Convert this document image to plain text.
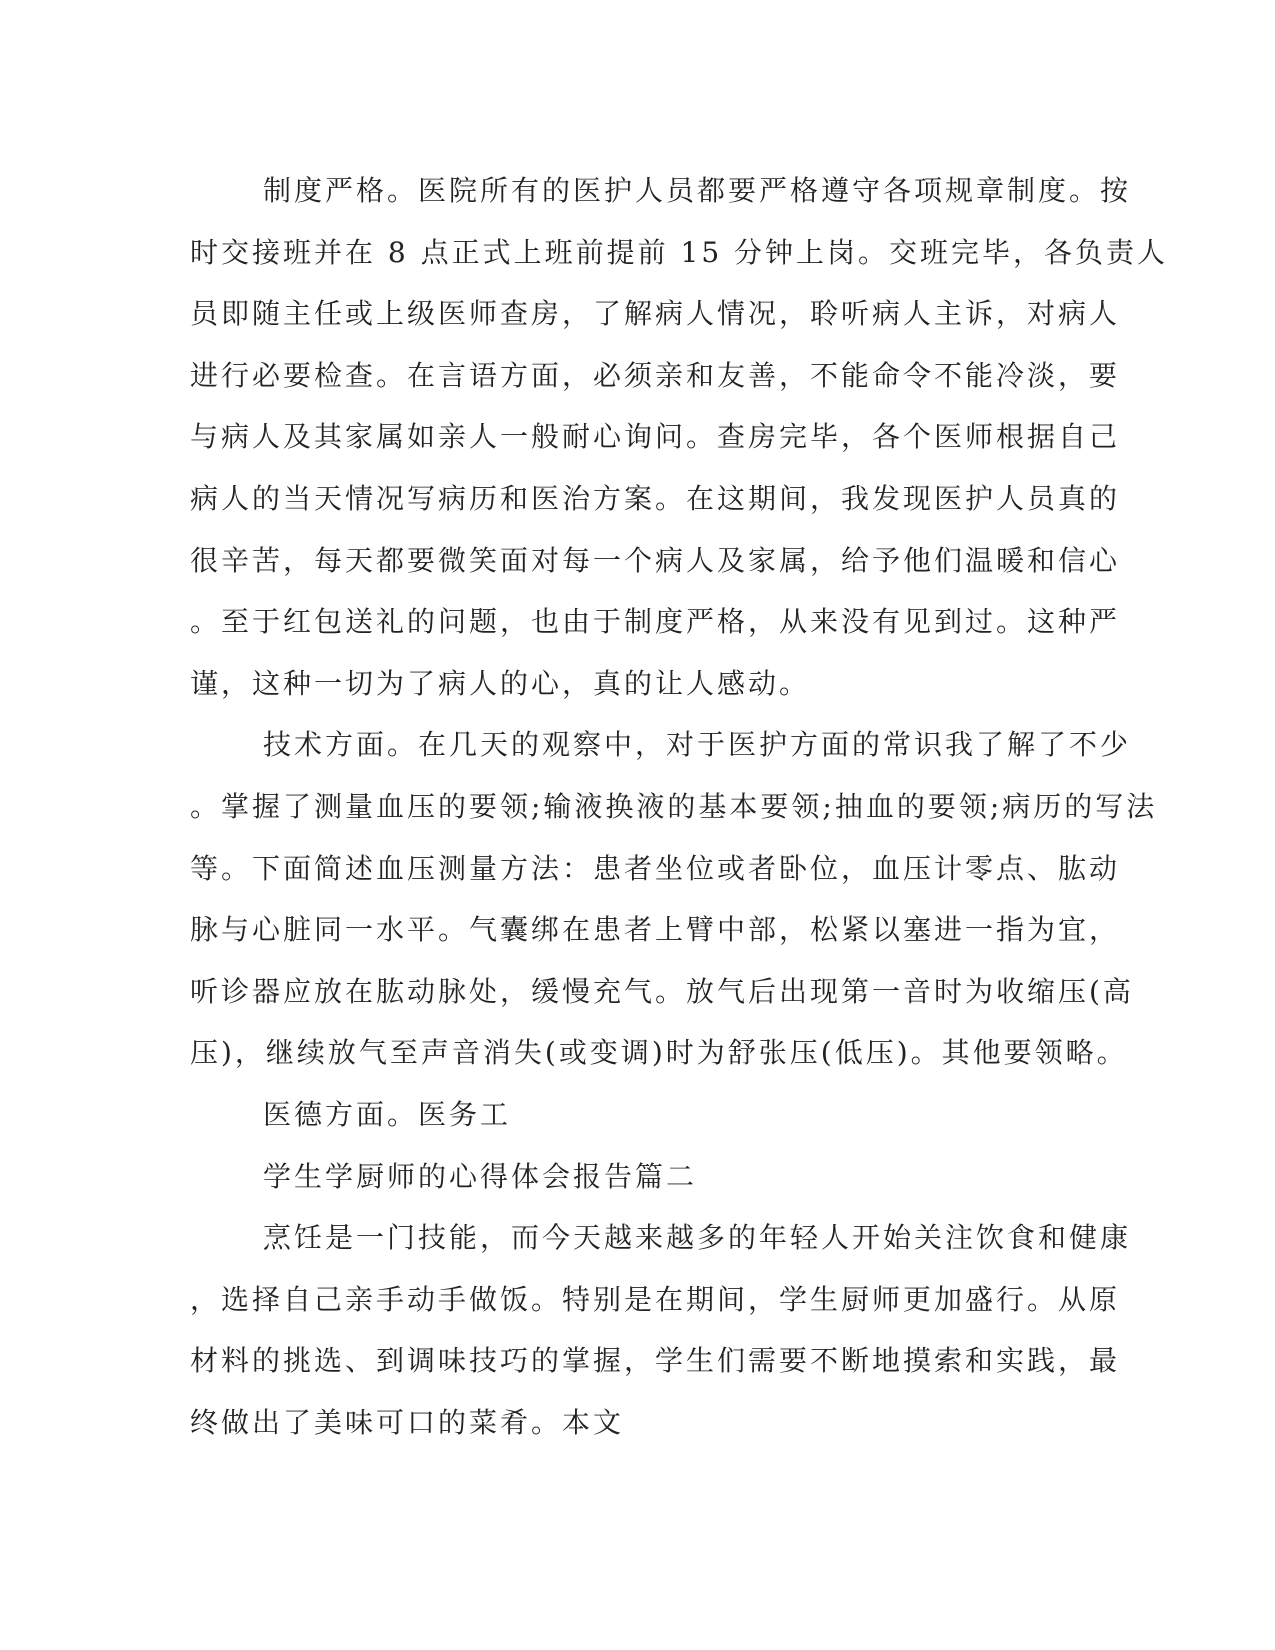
制度严格。医院所有的医护人员都要严格遵守各项规章制度。按
时交接班并在 8 点正式上班前提前 15 分钟上岗。交班完毕，各负责人
员即随主任或上级医师查房，了解病人情况，聆听病人主诉，对病人
进行必要检查。在言语方面，必须亲和友善，不能命令不能冷淡，要
与病人及其家属如亲人一般耐心询问。查房完毕，各个医师根据自己
病人的当天情况写病历和医治方案。在这期间，我发现医护人员真的
很辛苦，每天都要微笑面对每一个病人及家属，给予他们温暖和信心
。至于红包送礼的问题，也由于制度严格，从来没有见到过。这种严
谨，这种一切为了病人的心，真的让人感动。
技术方面。在几天的观察中，对于医护方面的常识我了解了不少
。掌握了测量血压的要领;输液换液的基本要领;抽血的要领;病历的写法
等。下面简述血压测量方法：患者坐位或者卧位，血压计零点、肱动
脉与心脏同一水平。气囊绑在患者上臂中部，松紧以塞进一指为宜，
听诊器应放在肱动脉处，缓慢充气。放气后出现第一音时为收缩压(高
压)，继续放气至声音消失(或变调)时为舒张压(低压)。其他要领略。
医德方面。医务工
学生学厨师的心得体会报告篇二
烹饪是一门技能，而今天越来越多的年轻人开始关注饮食和健康
，选择自己亲手动手做饭。特别是在期间，学生厨师更加盛行。从原
材料的挑选、到调味技巧的掌握，学生们需要不断地摸索和实践，最
终做出了美味可口的菜肴。本文
